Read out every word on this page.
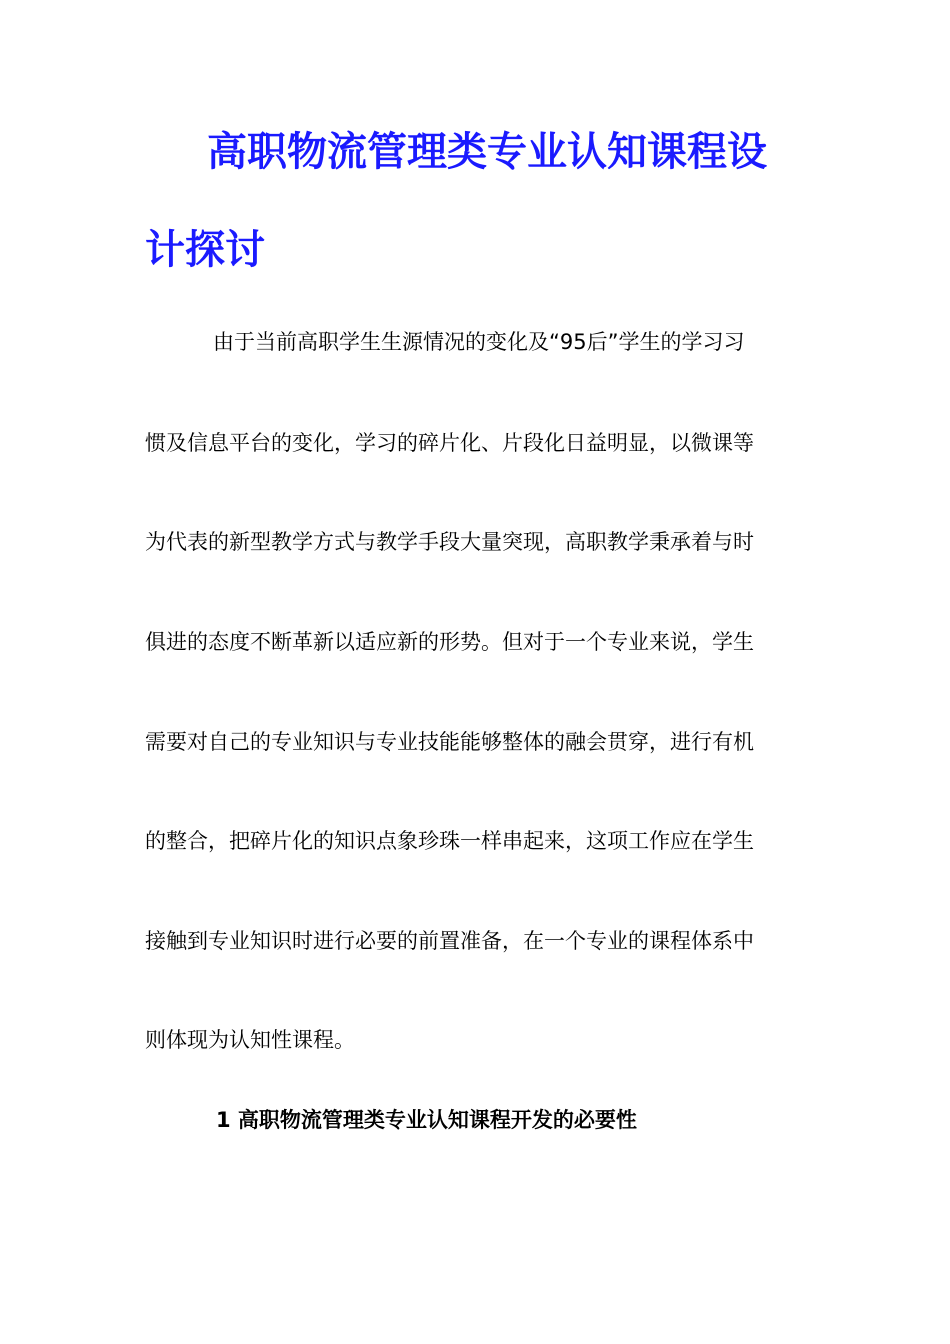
高职物流管理类专业认知课程设
计探讨

由于当前高职学生生源情况的变化及“95后”学生的学习习

惯及信息平台的变化，学习的碎片化、片段化日益明显，以微课等

为代表的新型教学方式与教学手段大量突现，高职教学秉承着与时

俱进的态度不断革新以适应新的形势。但对于一个专业来说，学生

需要对自己的专业知识与专业技能能够整体的融会贯穿，进行有机

的整合，把碎片化的知识点象珍珠一样串起来，这项工作应在学生

接触到专业知识时进行必要的前置准备，在一个专业的课程体系中

则体现为认知性课程。

1 高职物流管理类专业认知课程开发的必要性
